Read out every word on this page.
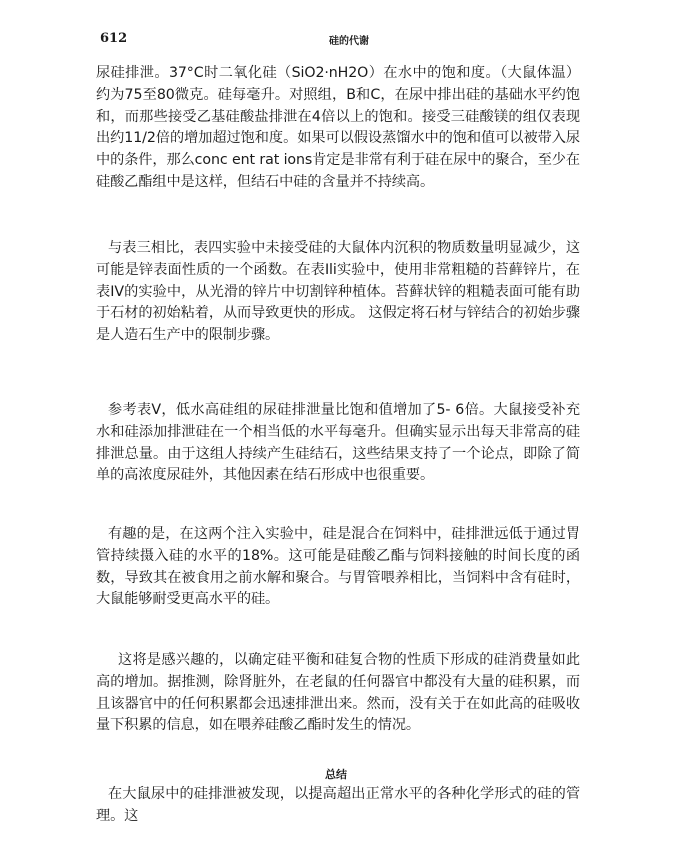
612	硅的代谢

尿硅排泄。37°C时二氧化硅（SiO2·nH2O）在水中的饱和度。（大鼠体温）约为75至80微克。硅每毫升。对照组，B和C，在尿中排出硅的基础水平约饱和，而那些接受乙基硅酸盐排泄在4倍以上的饱和。接受三硅酸镁的组仅表现出约11/2倍的增加超过饱和度。如果可以假设蒸馏水中的饱和值可以被带入尿中的条件，那么conc ent rat ions肯定是非常有利于硅在尿中的聚合，至少在硅酸乙酯组中是这样，但结石中硅的含量并不持续高。

与表三相比，表四实验中未接受硅的大鼠体内沉积的物质数量明显减少，这可能是锌表面性质的一个函数。在表Ili实验中，使用非常粗糙的苔藓锌片，在表IV的实验中，从光滑的锌片中切割锌种植体。苔藓状锌的粗糙表面可能有助于石材的初始粘着，从而导致更快的形成。 这假定将石材与锌结合的初始步骤是人造石生产中的限制步骤。

参考表V，低水高硅组的尿硅排泄量比饱和值增加了5- 6倍。大鼠接受补充水和硅添加排泄硅在一个相当低的水平每毫升。但确实显示出每天非常高的硅排泄总量。由于这组人持续产生硅结石，这些结果支持了一个论点，即除了简单的高浓度尿硅外，其他因素在结石形成中也很重要。

有趣的是，在这两个注入实验中，硅是混合在饲料中，硅排泄远低于通过胃管持续摄入硅的水平的18%。这可能是硅酸乙酯与饲料接触的时间长度的函数，导致其在被食用之前水解和聚合。与胃管喂养相比，当饲料中含有硅时，大鼠能够耐受更高水平的硅。

这将是感兴趣的，以确定硅平衡和硅复合物的性质下形成的硅消费量如此高的增加。据推测，除肾脏外，在老鼠的任何器官中都没有大量的硅积累，而且该器官中的任何积累都会迅速排泄出来。然而，没有关于在如此高的硅吸收量下积累的信息，如在喂养硅酸乙酯时发生的情况。

总结

在大鼠尿中的硅排泄被发现，以提高超出正常水平的各种化学形式的硅的管理。这
